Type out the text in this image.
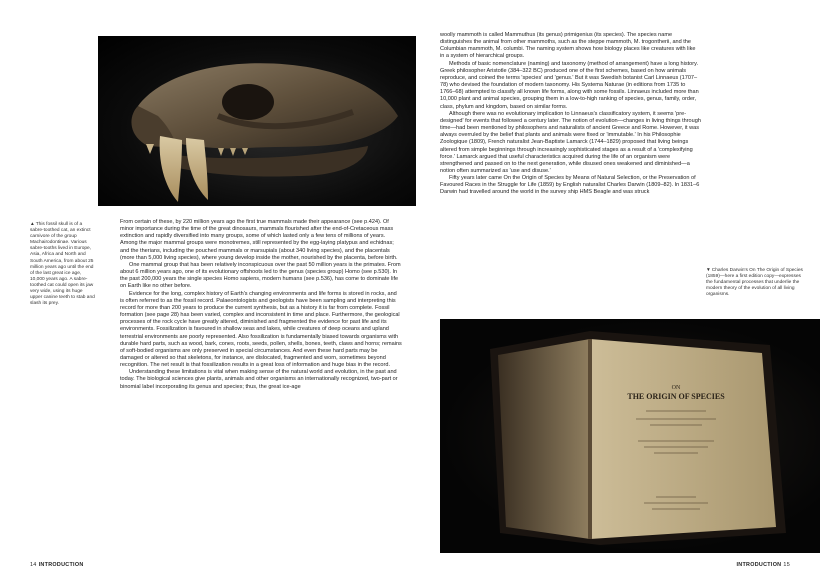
▲This fossil skull is of a sabre-toothed cat, an extinct carnivore of the group Machairodontinae. Various sabre-tooths lived in Europe, Asia, Africa and North and South America, from about 25 million years ago until the end of the last great ice age, 10,000 years ago. A sabre-toothed cat could open its jaw very wide, using its huge upper canine teeth to stab and slash its prey.

From certain of these, by 220 million years ago the first true mammals made their appearance (see p.424). Of minor importance during the time of the great dinosaurs, mammals flourished after the end-of-Cretaceous mass extinction and rapidly diversified into many groups, some of which lasted only a few tens of millions of years. Among the major mammal groups were monotremes, still represented by the egg-laying platypus and echidnas; and the therians, including the pouched mammals or marsupials (about 340 living species), and the placentals (more than 5,000 living species), where young develop inside the mother, nourished by the placenta, before birth.

One mammal group that has been relatively inconspicuous over the past 50 million years is the primates. From about 6 million years ago, one of its evolutionary offshoots led to the genus (species group) Homo (see p.530). In the past 200,000 years the single species Homo sapiens, modern humans (see p.536), has come to dominate life on Earth like no other before.

Evidence for the long, complex history of Earth's changing environments and life forms is stored in rocks, and is often referred to as the fossil record. Palaeontologists and geologists have been sampling and interpreting this record for more than 200 years to produce the current synthesis, but as a history it is far from complete. Fossil formation (see page 28) has been varied, complex and inconsistent in time and place. Furthermore, the geological processes of the rock cycle have greatly altered, diminished and fragmented the evidence for past life and its environments. Fossilization is favoured in shallow seas and lakes, while creatures of deep oceans and upland terrestrial environments are poorly represented. Also fossilization is fundamentally biased towards organisms with durable hard parts, such as wood, bark, cones, roots, seeds, pollen, shells, bones, teeth, claws and horns; remains of soft-bodied organisms are only preserved in special circumstances. And even these hard parts may be damaged or altered so that skeletons, for instance, are dislocated, fragmented and worn, sometimes beyond recognition. The net result is that fossilization results in a great loss of information and huge bias in the record.

Understanding these limitations is vital when making sense of the natural world and evolution, in the past and today. The biological sciences give plants, animals and other organisms an internationally recognized, two-part or binomial label incorporating its genus and species; thus, the great ice-age

woolly mammoth is called Mammuthus (its genus) primigenius (its species). The species name distinguishes the animal from other mammoths, such as the steppe mammoth, M. trogontherii, and the Columbian mammoth, M. columbi. The naming system shows how biology places like creatures with like in a system of hierarchical groups.

Methods of basic nomenclature (naming) and taxonomy (method of arrangement) have a long history. Greek philosopher Aristotle (384–322 BC) produced one of the first schemes, based on how animals reproduce, and coined the terms 'species' and 'genus.' But it was Swedish botanist Carl Linnaeus (1707–78) who devised the foundation of modern taxonomy. His Systema Naturae (in editions from 1735 to 1766–68) attempted to classify all known life forms, along with some fossils. Linnaeus included more than 10,000 plant and animal species, grouping them in a low-to-high ranking of species, genus, family, order, class, phylum and kingdom, based on similar forms.

Although there was no evolutionary implication to Linnaeus's classificatory system, it seems 'pre-designed' for events that followed a century later. The notion of evolution—changes in living things through time—had been mentioned by philosophers and naturalists of ancient Greece and Rome. However, it was always overruled by the belief that plants and animals were fixed or 'immutable.' In his Philosophie Zoologique (1809), French naturalist Jean-Baptiste Lamarck (1744–1829) proposed that living beings altered from simple beginnings through increasingly sophisticated stages as a result of a 'complexifying force.' Lamarck argued that useful characteristics acquired during the life of an organism were strengthened and passed on to the next generation, while disused ones weakened and diminished—a notion often summarized as 'use and disuse.'

Fifty years later came On the Origin of Species by Means of Natural Selection, or the Preservation of Favoured Races in the Struggle for Life (1859) by English naturalist Charles Darwin (1809–82). In 1831–6 Darwin had travelled around the world in the survey ship HMS Beagle and was struck

▼Charles Darwin's On The Origin of Species (1859)—here a first edition copy—expresses the fundamental processes that underlie the modern theory of the evolution of all living organisms.
ON
THE ORIGIN OF SPECIES
14 INTRODUCTION	INTRODUCTION 15
